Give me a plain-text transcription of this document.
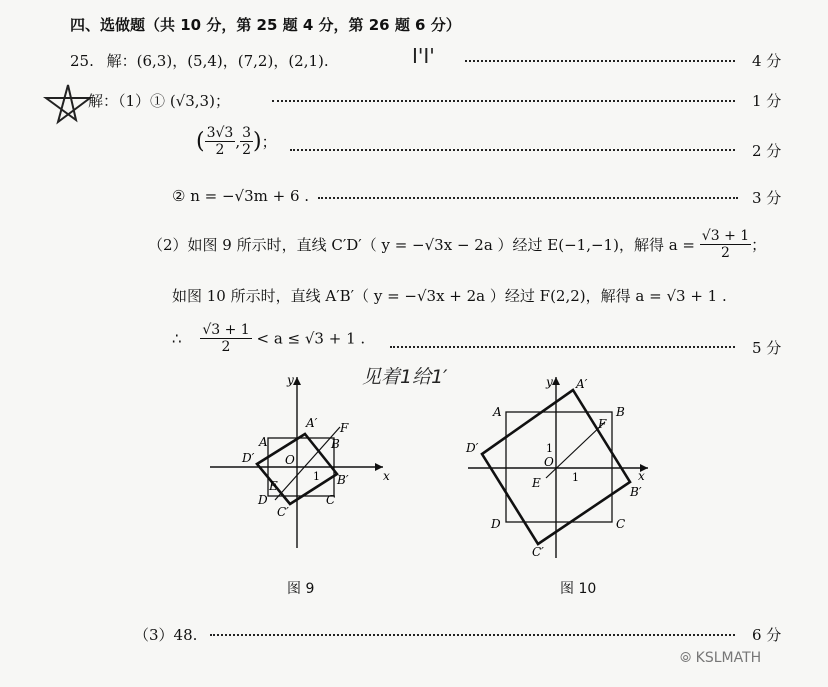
四、选做题（共 10 分，第 25 题 4 分，第 26 题 6 分）
25. 解：(6,3)，(5,4)，(7,2)，(2,1).	4 分
I'I'
解：（1）① (√3,3)；	1 分
( $\frac{3√3}{2}$ , $\frac{3}{2}$ )；	2 分
② n = −√3m + 6 .	3 分
（2）如图 9 所示时，直线 C′D′（ y = −√3x − 2a ）经过 E(−1,−1)，解得 $a = \frac{√3 + 1}{2}$ ；
如图 10 所示时，直线 A′B′（ y = −√3x + 2a ）经过 F(2,2)，解得 a = √3 + 1 .
∴ $\frac{√3 + 1}{2} < a \le √3 + 1$ .
5 分
见着1给1′
y
x
A	B
C
D
A′
B′
C′
D′
E
F
O
1
图 9
y
x
A	B
C
D
A′
B′
C′
D′
E
F
O
1
1
图 10
（3）48.	6 分
⦾ KSLMATH
